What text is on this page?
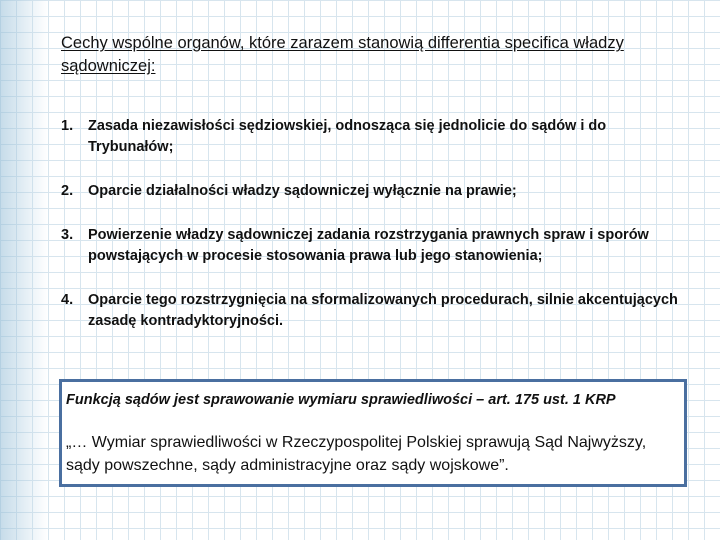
Cechy wspólne organów, które zarazem stanowią differentia specifica władzy sądowniczej:
1. Zasada niezawisłości sędziowskiej, odnosząca się jednolicie do sądów i do Trybunałów;
2. Oparcie działalności władzy sądowniczej wyłącznie na prawie;
3. Powierzenie władzy sądowniczej zadania rozstrzygania prawnych spraw i sporów powstających w procesie stosowania prawa lub jego stanowienia;
4. Oparcie tego rozstrzygnięcia na sformalizowanych procedurach, silnie akcentujących zasadę kontradyktoryjności.
Funkcją sądów jest sprawowanie wymiaru sprawiedliwości – art. 175 ust. 1 KRP
„… Wymiar sprawiedliwości w Rzeczypospolitej Polskiej sprawują Sąd Najwyższy, sądy powszechne, sądy administracyjne oraz sądy wojskowe”.
